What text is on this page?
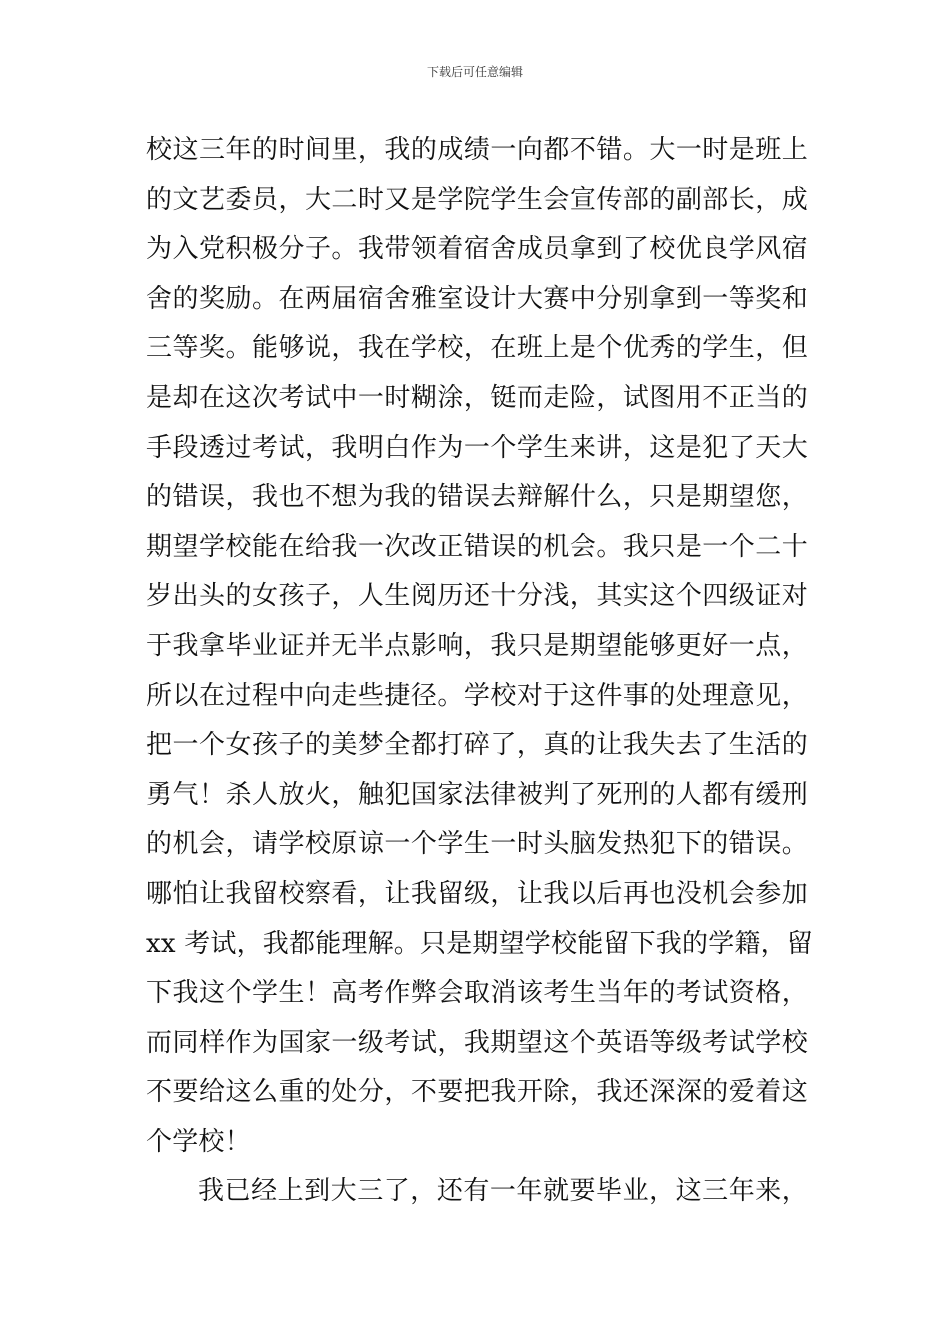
下载后可任意编辑
校这三年的时间里，我的成绩一向都不错。大一时是班上
的文艺委员，大二时又是学院学生会宣传部的副部长，成
为入党积极分子。我带领着宿舍成员拿到了校优良学风宿
舍的奖励。在两届宿舍雅室设计大赛中分别拿到一等奖和
三等奖。能够说，我在学校，在班上是个优秀的学生，但
是却在这次考试中一时糊涂，铤而走险，试图用不正当的
手段透过考试，我明白作为一个学生来讲，这是犯了天大
的错误，我也不想为我的错误去辩解什么，只是期望您，
期望学校能在给我一次改正错误的机会。我只是一个二十
岁出头的女孩子，人生阅历还十分浅，其实这个四级证对
于我拿毕业证并无半点影响，我只是期望能够更好一点，
所以在过程中向走些捷径。学校对于这件事的处理意见，
把一个女孩子的美梦全都打碎了，真的让我失去了生活的
勇气！杀人放火，触犯国家法律被判了死刑的人都有缓刑
的机会，请学校原谅一个学生一时头脑发热犯下的错误。
哪怕让我留校察看，让我留级，让我以后再也没机会参加
xx 考试，我都能理解。只是期望学校能留下我的学籍，留
下我这个学生！高考作弊会取消该考生当年的考试资格，
而同样作为国家一级考试，我期望这个英语等级考试学校
不要给这么重的处分，不要把我开除，我还深深的爱着这
个学校！
我已经上到大三了，还有一年就要毕业，这三年来，
